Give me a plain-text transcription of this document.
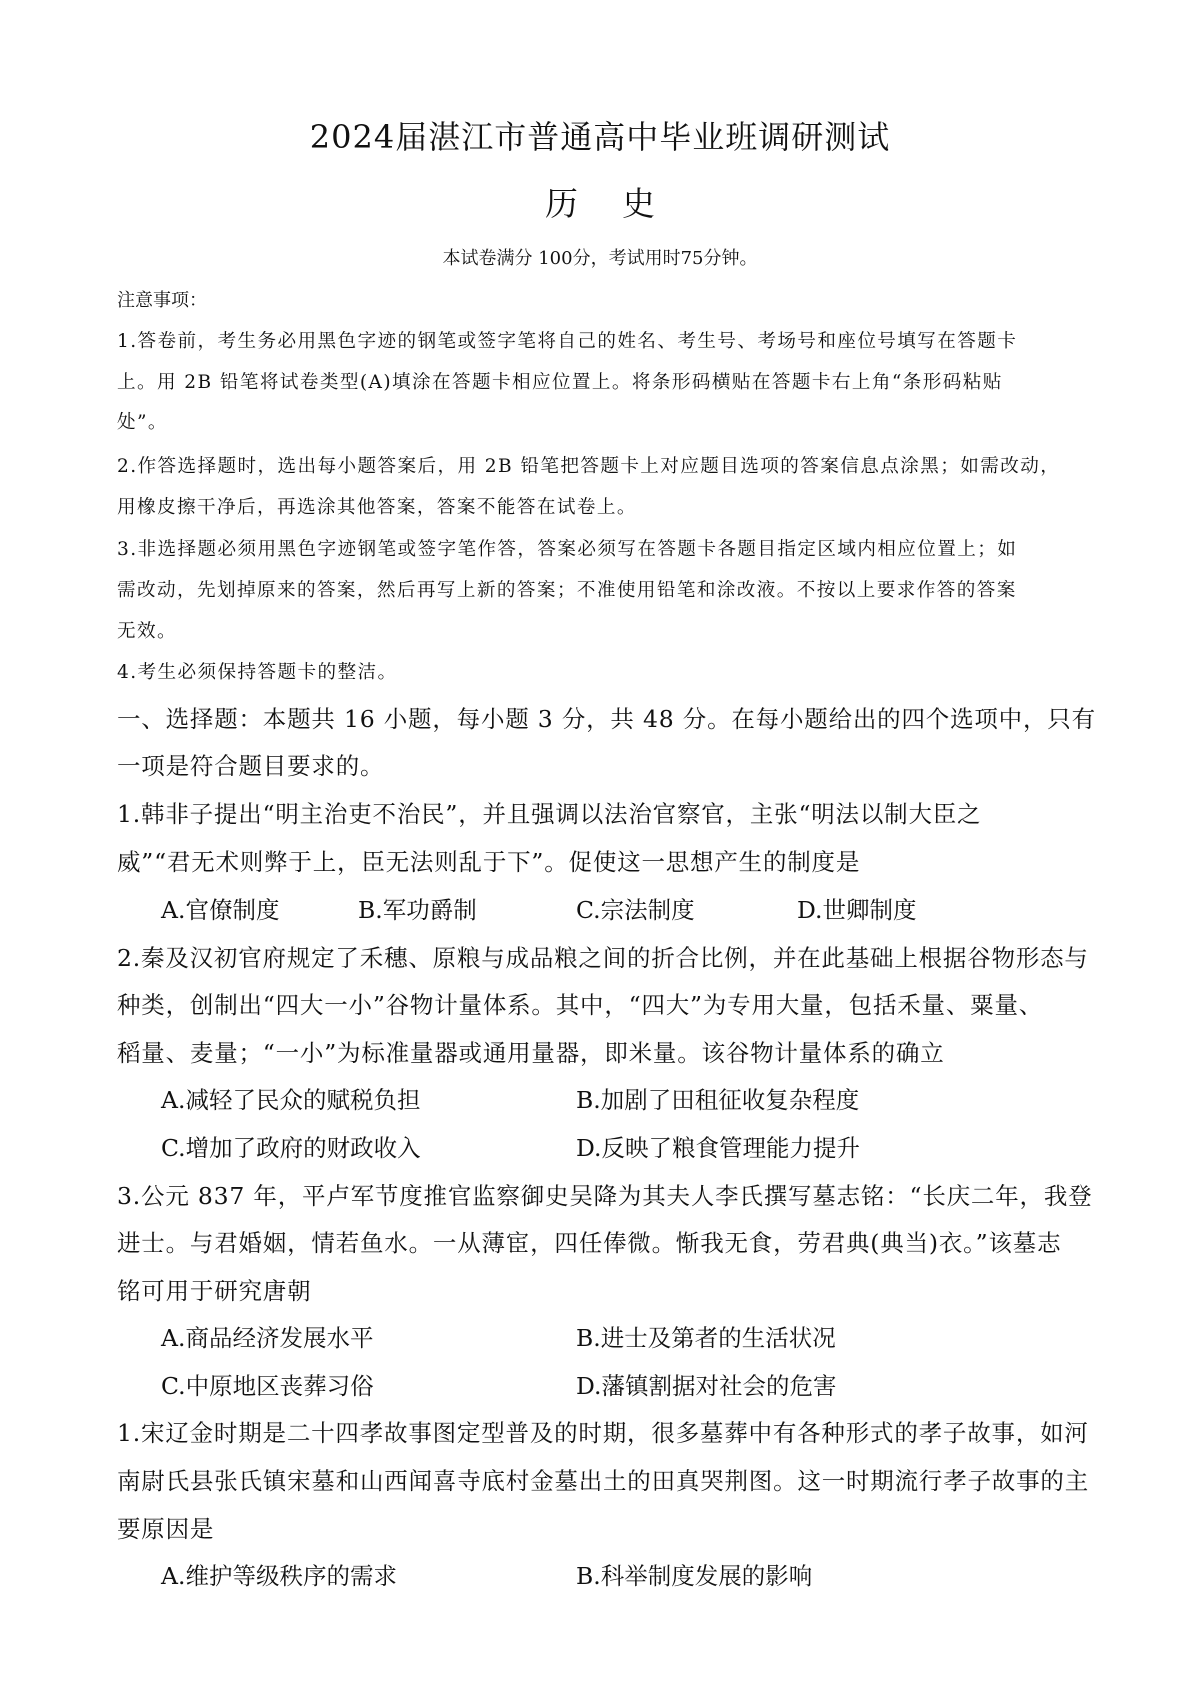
2024届湛江市普通高中毕业班调研测试
历史
本试卷满分 100分，考试用时75分钟。
注意事项：
1.答卷前，考生务必用黑色字迹的钢笔或签字笔将自己的姓名、考生号、考场号和座位号填写在答题卡
上。用 2B 铅笔将试卷类型(A)填涂在答题卡相应位置上。将条形码横贴在答题卡右上角“条形码粘贴
处”。
2.作答选择题时，选出每小题答案后，用 2B 铅笔把答题卡上对应题目选项的答案信息点涂黑；如需改动，
用橡皮擦干净后，再选涂其他答案，答案不能答在试卷上。
3.非选择题必须用黑色字迹钢笔或签字笔作答，答案必须写在答题卡各题目指定区域内相应位置上；如
需改动，先划掉原来的答案，然后再写上新的答案；不准使用铅笔和涂改液。不按以上要求作答的答案
无效。
4.考生必须保持答题卡的整洁。
一、选择题：本题共 16 小题，每小题 3 分，共 48 分。在每小题给出的四个选项中，只有
一项是符合题目要求的。
1.韩非子提出“明主治吏不治民”，并且强调以法治官察官，主张“明法以制大臣之
威”“君无术则弊于上，臣无法则乱于下”。促使这一思想产生的制度是
A.官僚制度	B.军功爵制	C.宗法制度	D.世卿制度
2.秦及汉初官府规定了禾穗、原粮与成品粮之间的折合比例，并在此基础上根据谷物形态与
种类，创制出“四大一小”谷物计量体系。其中，“四大”为专用大量，包括禾量、粟量、
稻量、麦量；“一小”为标准量器或通用量器，即米量。该谷物计量体系的确立
A.减轻了民众的赋税负担	B.加剧了田租征收复杂程度
C.增加了政府的财政收入	D.反映了粮食管理能力提升
3.公元 837 年，平卢军节度推官监察御史吴降为其夫人李氏撰写墓志铭：“长庆二年，我登
进士。与君婚姻，情若鱼水。一从薄宦，四任俸微。惭我无食，劳君典(典当)衣。”该墓志
铭可用于研究唐朝
A.商品经济发展水平	B.进士及第者的生活状况
C.中原地区丧葬习俗	D.藩镇割据对社会的危害
1.宋辽金时期是二十四孝故事图定型普及的时期，很多墓葬中有各种形式的孝子故事，如河
南尉氏县张氏镇宋墓和山西闻喜寺底村金墓出土的田真哭荆图。这一时期流行孝子故事的主
要原因是
A.维护等级秩序的需求	B.科举制度发展的影响
